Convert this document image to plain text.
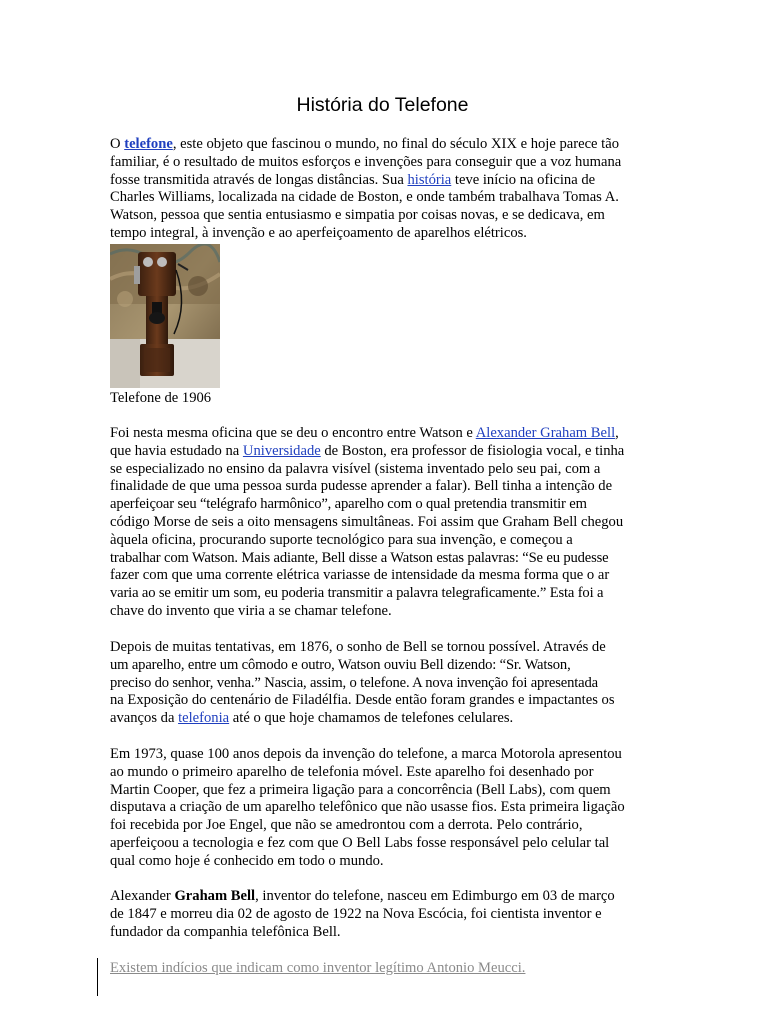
História do Telefone

O telefone, este objeto que fascinou o mundo, no final do século XIX e hoje parece tão
familiar, é o resultado de muitos esforços e invenções para conseguir que a voz humana
fosse transmitida através de longas distâncias. Sua história teve início na oficina de
Charles Williams, localizada na cidade de Boston, e onde também trabalhava Tomas A.
Watson, pessoa que sentia entusiasmo e simpatia por coisas novas, e se dedicava, em
tempo integral, à invenção e ao aperfeiçoamento de aparelhos elétricos.

Telefone de 1906

Foi nesta mesma oficina que se deu o encontro entre Watson e Alexander Graham Bell,
que havia estudado na Universidade de Boston, era professor de fisiologia vocal, e tinha
se especializado no ensino da palavra visível (sistema inventado pelo seu pai, com a
finalidade de que uma pessoa surda pudesse aprender a falar). Bell tinha a intenção de
aperfeiçoar seu “telégrafo harmônico”, aparelho com o qual pretendia transmitir em
código Morse de seis a oito mensagens simultâneas. Foi assim que Graham Bell chegou
àquela oficina, procurando suporte tecnológico para sua invenção, e começou a
trabalhar com Watson. Mais adiante, Bell disse a Watson estas palavras: “Se eu pudesse
fazer com que uma corrente elétrica variasse de intensidade da mesma forma que o ar
varia ao se emitir um som, eu poderia transmitir a palavra telegraficamente.” Esta foi a
chave do invento que viria a se chamar telefone.

Depois de muitas tentativas, em 1876, o sonho de Bell se tornou possível. Através de
um aparelho, entre um cômodo e outro, Watson ouviu Bell dizendo: “Sr. Watson,
preciso do senhor, venha.” Nascia, assim, o telefone. A nova invenção foi apresentada
na Exposição do centenário de Filadélfia. Desde então foram grandes e impactantes os
avanços da telefonia até o que hoje chamamos de telefones celulares.

Em 1973, quase 100 anos depois da invenção do telefone, a marca Motorola apresentou
ao mundo o primeiro aparelho de telefonia móvel. Este aparelho foi desenhado por
Martin Cooper, que fez a primeira ligação para a concorrência (Bell Labs), com quem
disputava a criação de um aparelho telefônico que não usasse fios. Esta primeira ligação
foi recebida por Joe Engel, que não se amedrontou com a derrota. Pelo contrário,
aperfeiçoou a tecnologia e fez com que O Bell Labs fosse responsável pelo celular tal
qual como hoje é conhecido em todo o mundo.

Alexander Graham Bell, inventor do telefone, nasceu em Edimburgo em 03 de março
de 1847 e morreu dia 02 de agosto de 1922 na Nova Escócia, foi cientista inventor e
fundador da companhia telefônica Bell.

Existem indícios que indicam como inventor legítimo Antonio Meucci.
